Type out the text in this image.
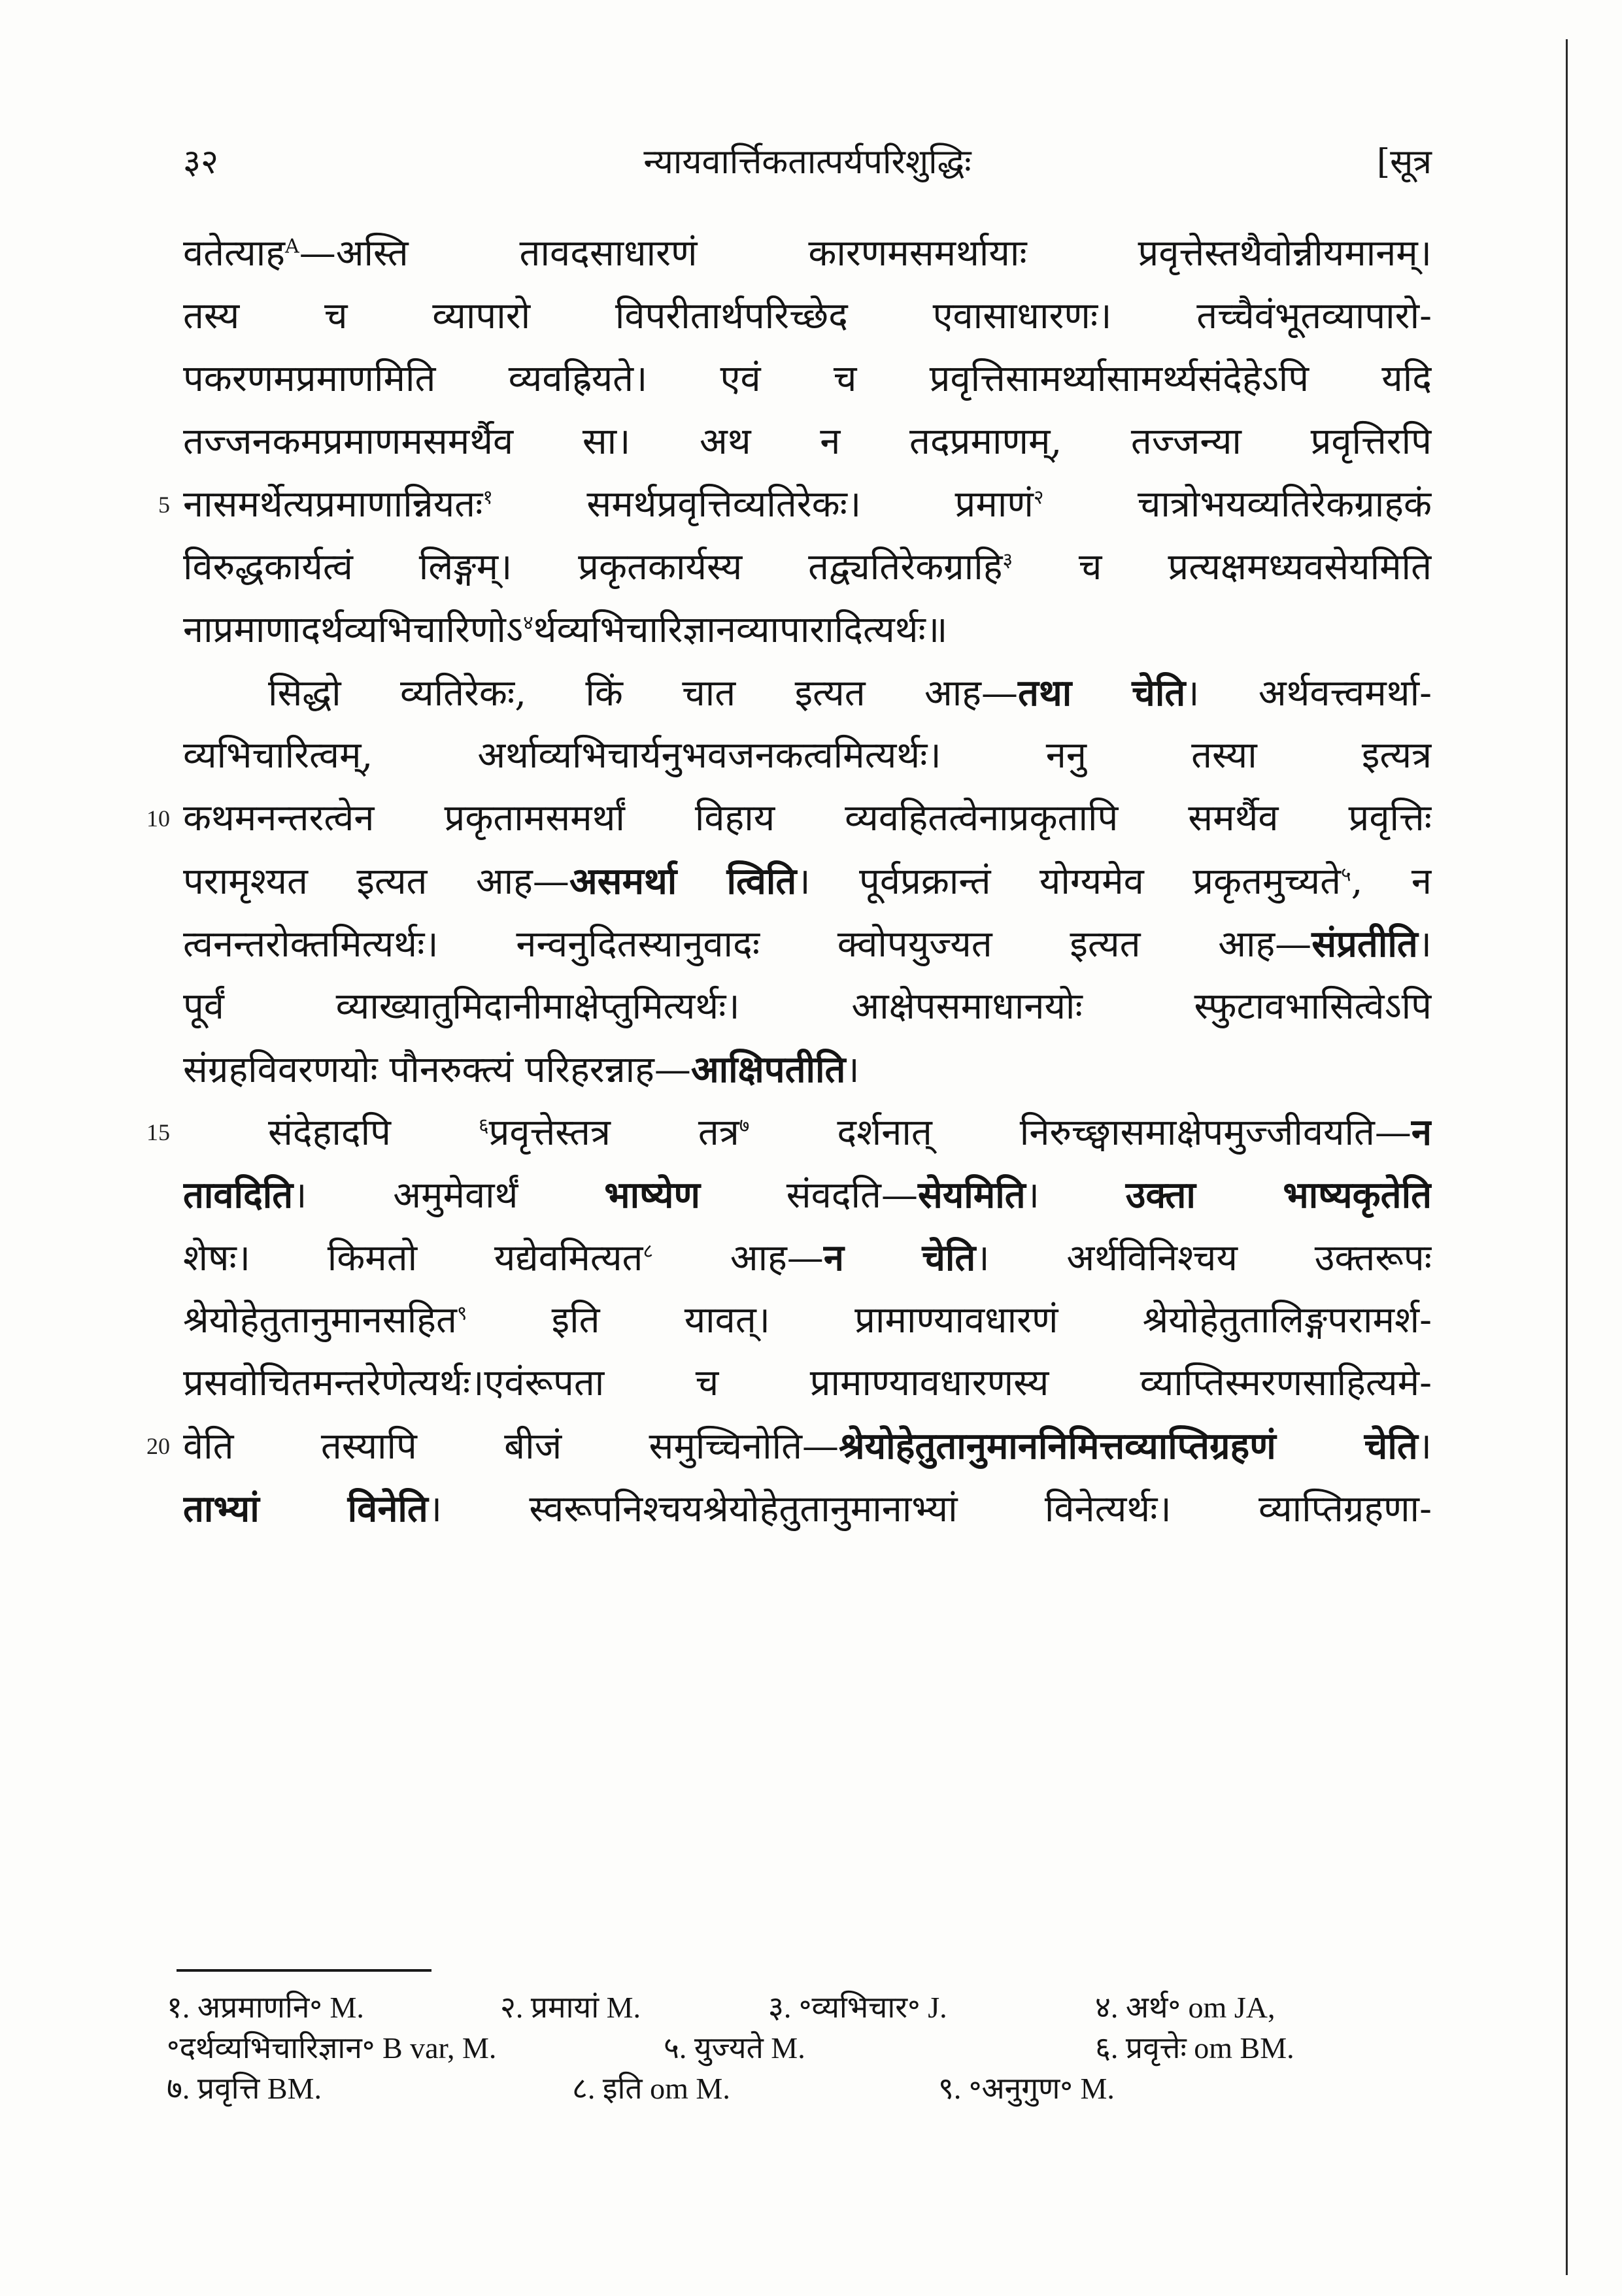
३२	न्यायवार्त्तिकतात्पर्यपरिशुद्धिः	[सूत्र
वतेत्याह$^A$—अस्ति तावदसाधारणं कारणमसमर्थायाः प्रवृत्तेस्तथैवोन्नीयमानम्।
तस्य च व्यापारो विपरीतार्थपरिच्छेद एवासाधारणः। तच्चैवंभूतव्यापारो-
पकरणमप्रमाणमिति व्यवह्रियते। एवं च प्रवृत्तिसामर्थ्यासामर्थ्यसंदेहेऽपि यदि
तज्जनकमप्रमाणमसमर्थैव सा। अथ न तदप्रमाणम्, तज्जन्या प्रवृत्तिरपि
नासमर्थेत्यप्रमाणान्नियतः$^१$ समर्थप्रवृत्तिव्यतिरेकः। प्रमाणं$^२$ चात्रोभयव्यतिरेकग्राहकं
विरुद्धकार्यत्वं लिङ्गम्। प्रकृतकार्यस्य तद्व्यतिरेकग्राहि$^३$ च प्रत्यक्षमध्यवसेयमिति
नाप्रमाणादर्थव्यभिचारिणोऽ$^४$र्थव्यभिचारिज्ञानव्यापारादित्यर्थः॥
सिद्धो व्यतिरेकः, किं चात इत्यत आह—तथा चेति। अर्थवत्त्वमर्था-
व्यभिचारित्वम्, अर्थाव्यभिचार्यनुभवजनकत्वमित्यर्थः। ननु तस्या इत्यत्र
कथमनन्तरत्वेन प्रकृतामसमर्थां विहाय व्यवहितत्वेनाप्रकृतापि समर्थैव प्रवृत्तिः
परामृश्यत इत्यत आह—असमर्था त्विति। पूर्वप्रक्रान्तं योग्यमेव प्रकृतमुच्यते$^५$, न
त्वनन्तरोक्तमित्यर्थः। नन्वनुदितस्यानुवादः क्वोपयुज्यत इत्यत आह—संप्रतीति।
पूर्वं व्याख्यातुमिदानीमाक्षेप्तुमित्यर्थः। आक्षेपसमाधानयोः स्फुटावभासित्वेऽपि
संग्रहविवरणयोः पौनरुक्त्यं परिहरन्नाह—आक्षिपतीति।
संदेहादपि $^६$प्रवृत्तेस्तत्र तत्र$^७$ दर्शनात् निरुच्छ्वासमाक्षेपमुज्जीवयति—न
तावदिति। अमुमेवार्थं भाष्येण संवदति—सेयमिति। उक्ता भाष्यकृतेति
शेषः। किमतो यद्येवमित्यत$^८$ आह—न चेति। अर्थविनिश्चय उक्तरूपः
श्रेयोहेतुतानुमानसहित$^९$ इति यावत्। प्रामाण्यावधारणं श्रेयोहेतुतालिङ्गपरामर्श-
प्रसवोचितमन्तरेणेत्यर्थः।एवंरूपता च प्रामाण्यावधारणस्य व्याप्तिस्मरणसाहित्यमे-
वेति तस्यापि बीजं समुच्चिनोति—श्रेयोहेतुतानुमाननिमित्तव्याप्तिग्रहणं चेति।
ताभ्यां विनेति। स्वरूपनिश्चयश्रेयोहेतुतानुमानाभ्यां विनेत्यर्थः। व्याप्तिग्रहणा-
१. अप्रमाणनि॰ M.	२. प्रमायां M.	३. ॰व्यभिचार॰ J.	४. अर्थ॰ om JA,
॰दर्थव्यभिचारिज्ञान॰ B var, M.	५. युज्यते M.	६. प्रवृत्तेः om BM.
७. प्रवृत्ति BM.	८. इति om M.	९. ॰अनुगुण॰ M.
5
10
15
20
